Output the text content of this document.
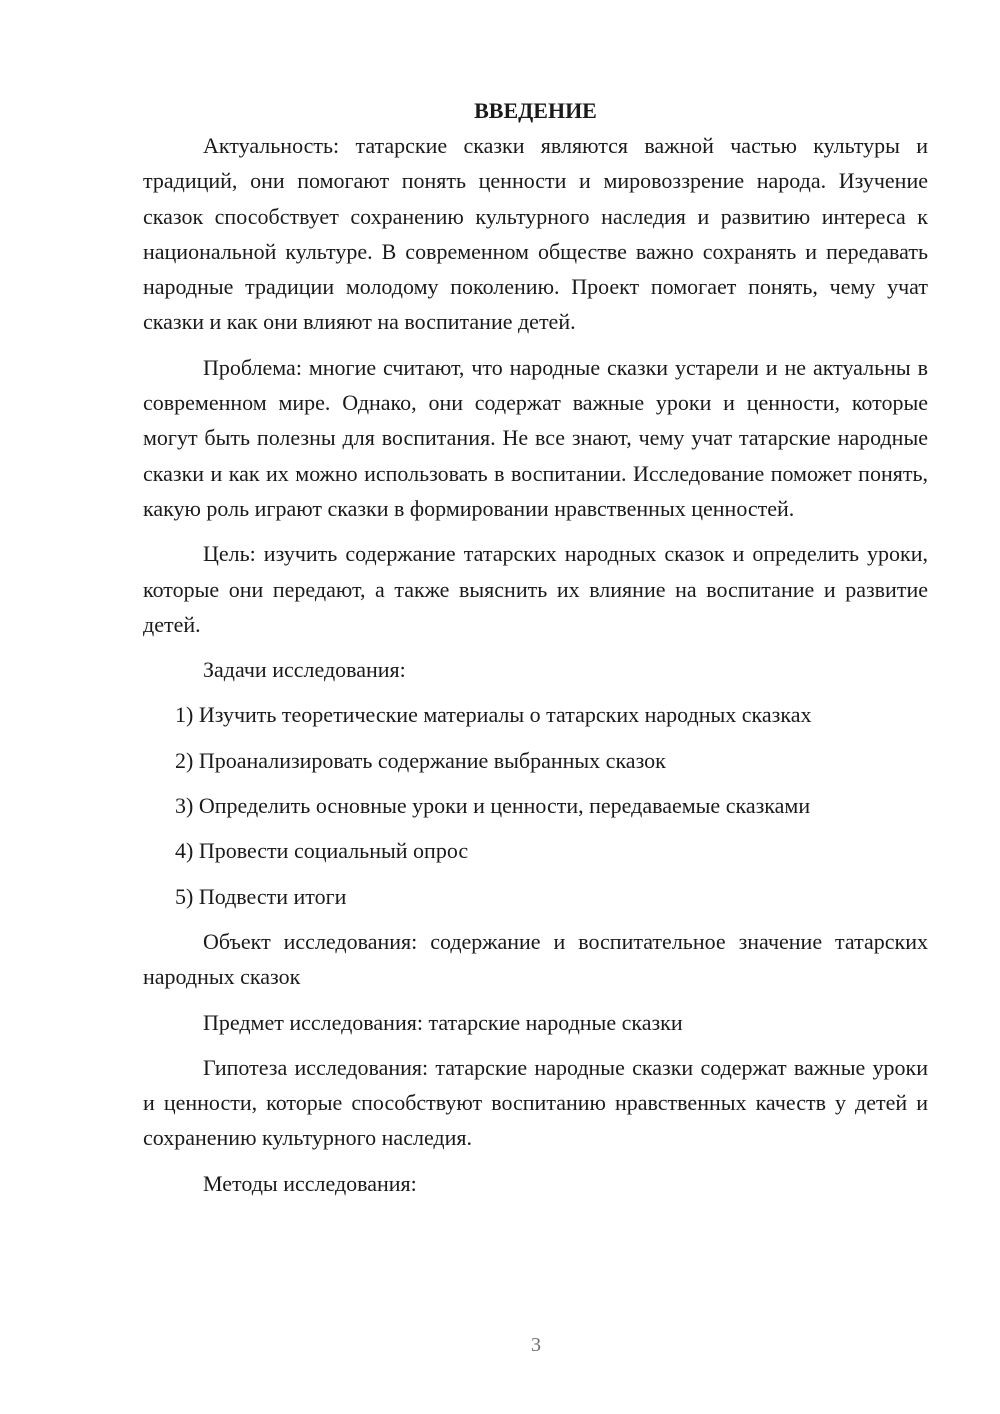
ВВЕДЕНИЕ

Актуальность: татарские сказки являются важной частью культуры и традиций, они помогают понять ценности и мировоззрение народа. Изучение сказок способствует сохранению культурного наследия и развитию интереса к национальной культуре. В современном обществе важно сохранять и передавать народные традиции молодому поколению. Проект помогает понять, чему учат сказки и как они влияют на воспитание детей.

Проблема: многие считают, что народные сказки устарели и не актуальны в современном мире. Однако, они содержат важные уроки и ценности, которые могут быть полезны для воспитания. Не все знают, чему учат татарские народные сказки и как их можно использовать в воспитании. Исследование поможет понять, какую роль играют сказки в формировании нравственных ценностей.

Цель: изучить содержание татарских народных сказок и определить уроки, которые они передают, а также выяснить их влияние на воспитание и развитие детей.

Задачи исследования:

1) Изучить теоретические материалы о татарских народных сказках
2) Проанализировать содержание выбранных сказок
3) Определить основные уроки и ценности, передаваемые сказками
4) Провести социальный опрос
5) Подвести итоги

Объект исследования: содержание и воспитательное значение татарских народных сказок

Предмет исследования: татарские народные сказки

Гипотеза исследования: татарские народные сказки содержат важные уроки и ценности, которые способствуют воспитанию нравственных качеств у детей и сохранению культурного наследия.

Методы исследования:

3
